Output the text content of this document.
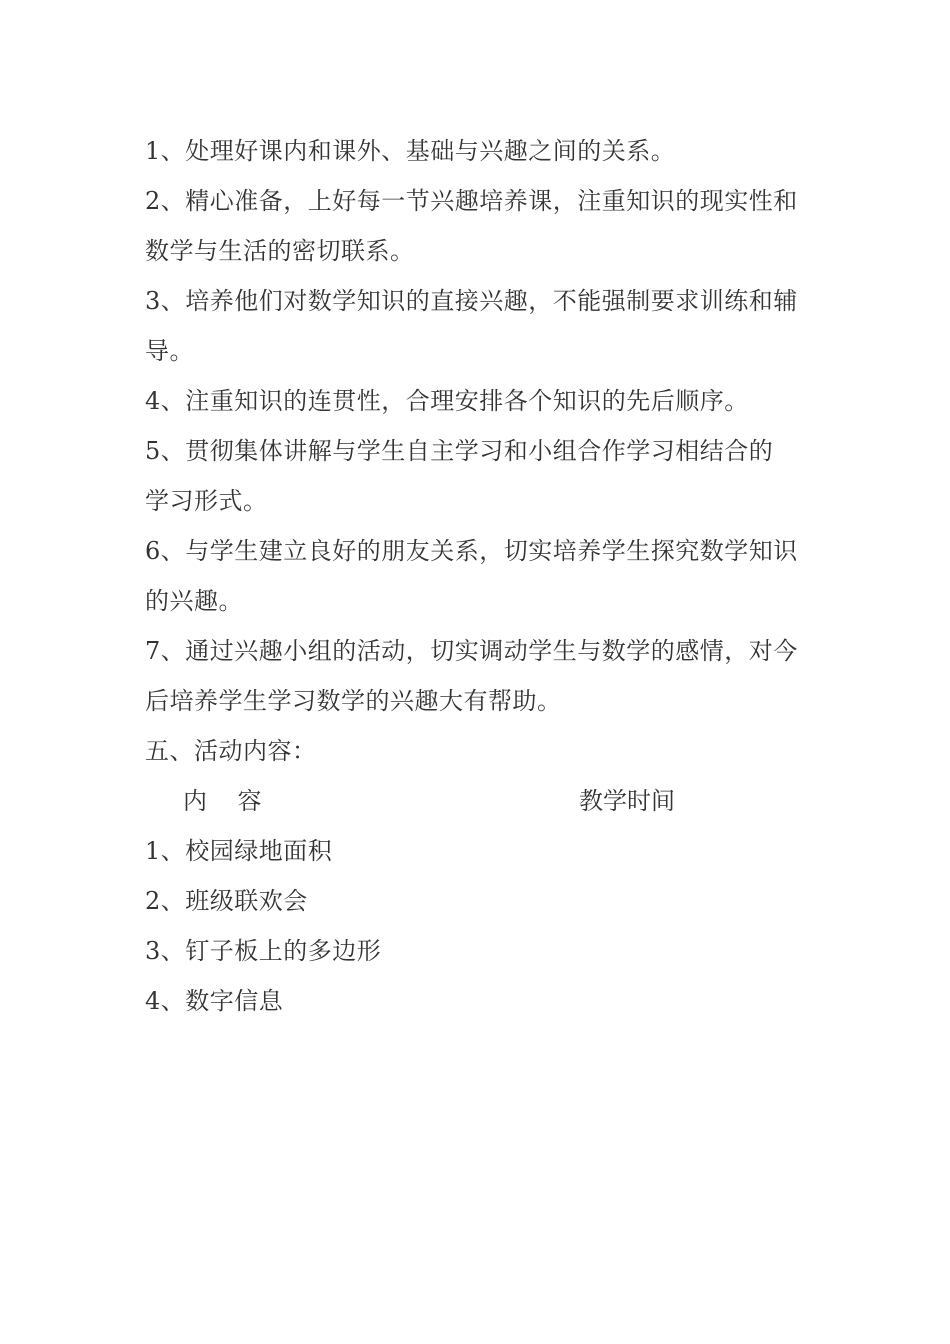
1、处理好课内和课外、基础与兴趣之间的关系。
2、精心准备，上好每一节兴趣培养课，注重知识的现实性和
数学与生活的密切联系。
3、培养他们对数学知识的直接兴趣，不能强制要求训练和辅
导。
4、注重知识的连贯性，合理安排各个知识的先后顺序。
5、贯彻集体讲解与学生自主学习和小组合作学习相结合的
学习形式。
6、与学生建立良好的朋友关系，切实培养学生探究数学知识
的兴趣。
7、通过兴趣小组的活动，切实调动学生与数学的感情，对今
后培养学生学习数学的兴趣大有帮助。
五、活动内容：
内    容	教学时间
1、校园绿地面积
2、班级联欢会
3、钉子板上的多边形
4、数字信息
